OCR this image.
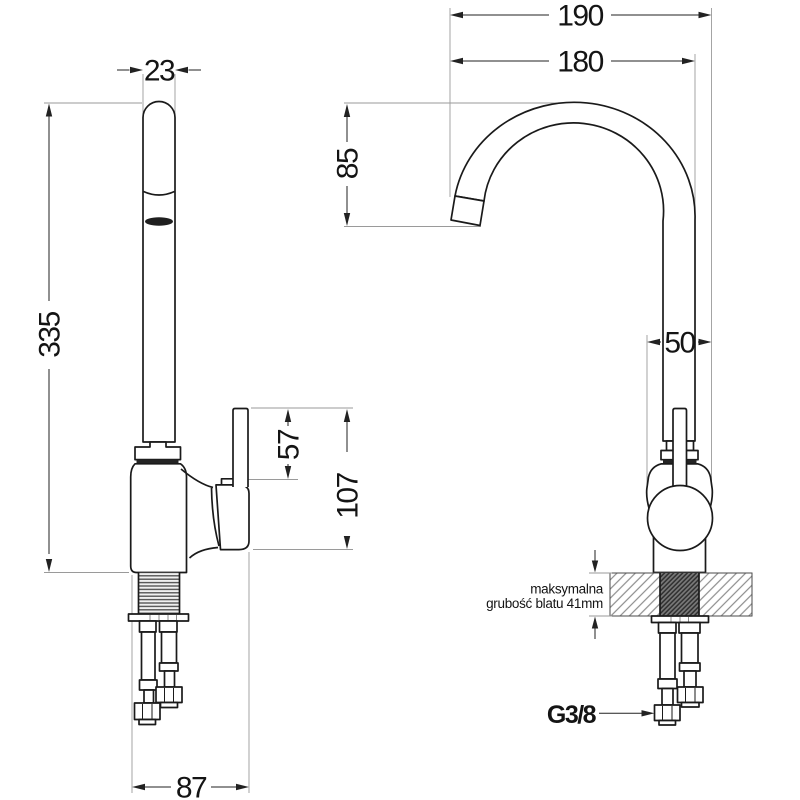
23
335
57
107
87
190
180
85
50
maksymalna
grubość blatu 41mm
G3/8
